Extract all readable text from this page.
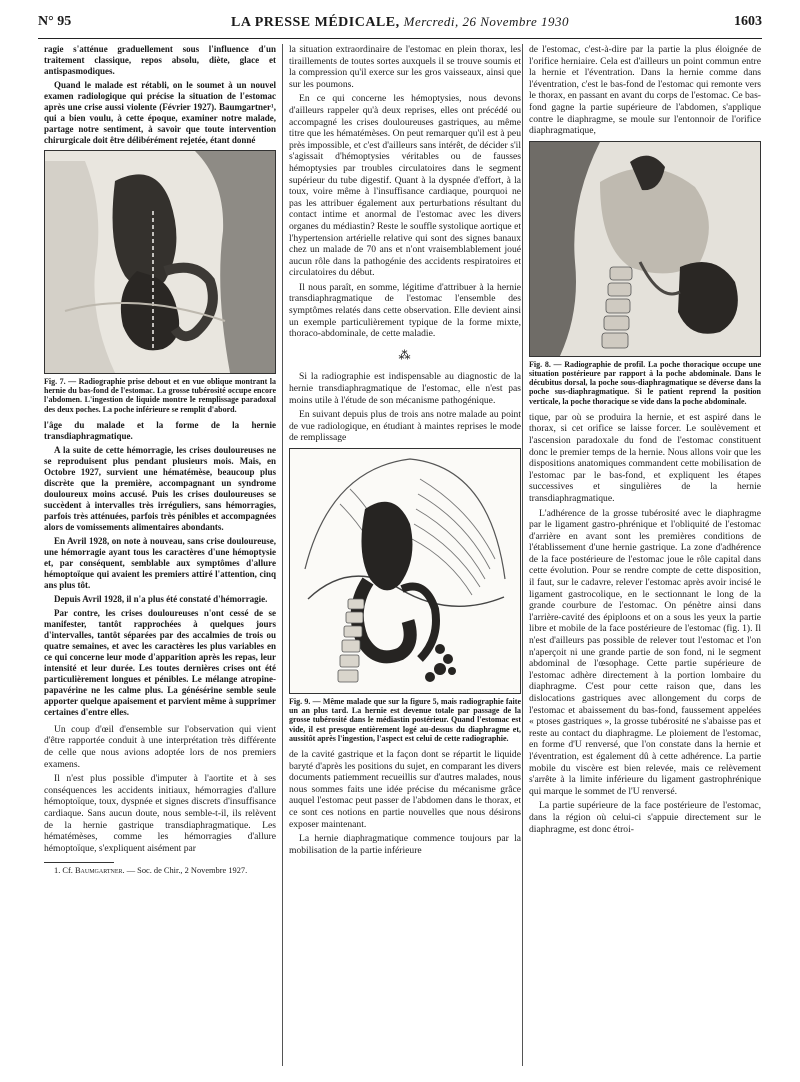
N° 95	LA PRESSE MÉDICALE, Mercredi, 26 Novembre 1930	1603

ragie s'atténue graduellement sous l'influence d'un traitement classique, repos absolu, diète, glace et antispasmodiques.

Quand le malade est rétabli, on le soumet à un nouvel examen radiologique qui précise la situation de l'estomac après une crise aussi violente (Février 1927). Baumgartner¹, qui a bien voulu, à cette époque, examiner notre malade, partage notre sentiment, à savoir que toute intervention chirurgicale doit être délibérément rejetée, étant donné

Fig. 7. — Radiographie prise debout et en vue oblique montrant la hernie du bas-fond de l'estomac. La grosse tubérosité occupe encore l'abdomen. L'ingestion de liquide montre le remplissage paradoxal des deux poches. La poche inférieure se remplit d'abord.

l'âge du malade et la forme de la hernie transdiaphragmatique.

A la suite de cette hémorragie, les crises douloureuses ne se reproduisent plus pendant plusieurs mois. Mais, en Octobre 1927, survient une hématémèse, beaucoup plus discrète que la première, accompagnant un syndrome douloureux moins accusé. Puis les crises douloureuses se succèdent à intervalles très irréguliers, sans hémorragies, parfois très atténuées, parfois très pénibles et accompagnées alors de vomissements alimentaires abondants.

En Avril 1928, on note à nouveau, sans crise douloureuse, une hémorragie ayant tous les caractères d'une hémoptysie et, par conséquent, semblable aux symptômes d'allure hémoptoïque qui avaient les premiers attiré l'attention, cinq ans plus tôt.

Depuis Avril 1928, il n'a plus été constaté d'hémorragie.

Par contre, les crises douloureuses n'ont cessé de se manifester, tantôt rapprochées à quelques jours d'intervalles, tantôt séparées par des accalmies de trois ou quatre semaines, et avec les caractères les plus variables en ce qui concerne leur mode d'apparition après les repas, leur intensité et leur durée. Les toutes dernières crises ont été particulièrement longues et pénibles. Le mélange atropine-papavérine ne les calme plus. La génésérine semble seule apporter quelque apaisement et parvient même à supprimer certaines d'entre elles.

Un coup d'œil d'ensemble sur l'observation qui vient d'être rapportée conduit à une interprétation très différente de celle que nous avions adoptée lors de nos premiers examens.

Il n'est plus possible d'imputer à l'aortite et à ses conséquences les accidents initiaux, hémorragies d'allure hémoptoïque, toux, dyspnée et signes discrets d'insuffisance cardiaque. Sans aucun doute, nous semble-t-il, ils relèvent de la hernie gastrique transdiaphragmatique. Les hématémèses, comme les hémorragies d'allure hémoptoïque, s'expliquent aisément par

1. Cf. Baumgartner. — Soc. de Chir., 2 Novembre 1927.

la situation extraordinaire de l'estomac en plein thorax, les tiraillements de toutes sortes auxquels il se trouve soumis et la compression qu'il exerce sur les gros vaisseaux, ainsi que sur les poumons.

En ce qui concerne les hémoptysies, nous devons d'ailleurs rappeler qu'à deux reprises, elles ont précédé ou accompagné les crises douloureuses gastriques, au même titre que les hématémèses. On peut remarquer qu'il est à peu près impossible, et c'est d'ailleurs sans intérêt, de décider s'il s'agissait d'hémoptysies véritables ou de fausses hémoptysies par troubles circulatoires dans le segment supérieur du tube digestif. Quant à la dyspnée d'effort, à la toux, voire même à l'insuffisance cardiaque, pourquoi ne pas les attribuer également aux perturbations résultant du contact intime et anormal de l'estomac avec les divers organes du médiastin? Reste le souffle systolique aortique et l'hypertension artérielle relative qui sont des signes banaux chez un malade de 70 ans et n'ont vraisemblablement joué aucun rôle dans la pathogénie des accidents respiratoires et circulatoires du début.

Il nous paraît, en somme, légitime d'attribuer à la hernie transdiaphragmatique de l'estomac l'ensemble des symptômes relatés dans cette observation. Elle devient ainsi un exemple particulièrement typique de la forme mixte, thoraco-abdominale, de cette maladie.

⁂

Si la radiographie est indispensable au diagnostic de la hernie transdiaphragmatique de l'estomac, elle n'est pas moins utile à l'étude de son mécanisme pathogénique.

En suivant depuis plus de trois ans notre malade au point de vue radiologique, en étudiant à maintes reprises le mode de remplissage

Fig. 9. — Même malade que sur la figure 5, mais radiographie faite un an plus tard. La hernie est devenue totale par passage de la grosse tubérosité dans le médiastin postérieur. Quand l'estomac est vide, il est presque entièrement logé au-dessus du diaphragme et, aussitôt après l'ingestion, l'aspect est celui de cette radiographie.

de la cavité gastrique et la façon dont se répartit le liquide baryté d'après les positions du sujet, en comparant les divers documents patiemment recueillis sur d'autres malades, nous nous sommes faits une idée précise du mécanisme grâce auquel l'estomac peut passer de l'abdomen dans le thorax, et ce sont ces notions en partie nouvelles que nous désirons exposer maintenant.

La hernie diaphragmatique commence toujours par la mobilisation de la partie inférieure

de l'estomac, c'est-à-dire par la partie la plus éloignée de l'orifice herniaire. Cela est d'ailleurs un point commun entre la hernie et l'éventration. Dans la hernie comme dans l'éventration, c'est le bas-fond de l'estomac qui remonte vers le thorax, en passant en avant du corps de l'estomac. Ce bas-fond gagne la partie supérieure de l'abdomen, s'applique contre le diaphragme, se moule sur l'entonnoir de l'orifice diaphragmatique,

Fig. 8. — Radiographie de profil. La poche thoracique occupe une situation postérieure par rapport à la poche abdominale. Dans le décubitus dorsal, la poche sous-diaphragmatique se déverse dans la poche sus-diaphragmatique. Si le patient reprend la position verticale, la poche thoracique se vide dans la poche abdominale.

tique, par où se produira la hernie, et est aspiré dans le thorax, si cet orifice se laisse forcer. Le soulèvement et l'ascension paradoxale du fond de l'estomac constituent donc le premier temps de la hernie. Nous allons voir que les dispositions anatomiques commandent cette mobilisation de l'estomac par le bas-fond, et expliquent les étapes successives et singulières de la hernie transdiaphragmatique.

L'adhérence de la grosse tubérosité avec le diaphragme par le ligament gastro-phrénique et l'obliquité de l'estomac d'arrière en avant sont les premières conditions de l'établissement d'une hernie gastrique. La zone d'adhérence de la face postérieure de l'estomac joue le rôle capital dans cette évolution. Pour se rendre compte de cette disposition, il faut, sur le cadavre, relever l'estomac après avoir incisé le ligament gastrocolique, en le sectionnant le long de la grande courbure de l'estomac. On pénètre ainsi dans l'arrière-cavité des épiploons et on a sous les yeux la partie libre et mobile de la face postérieure de l'estomac (fig. 1). Il n'est d'ailleurs pas possible de relever tout l'estomac et l'on n'aperçoit ni une grande partie de son fond, ni le segment abdominal de l'œsophage. Cette partie supérieure de l'estomac adhère directement à la portion lombaire du diaphragme. C'est pour cette raison que, dans les dislocations gastriques avec allongement du corps de l'estomac et abaissement du bas-fond, faussement appelées « ptoses gastriques », la grosse tubérosité ne s'abaisse pas et reste au contact du diaphragme. Le ploiement de l'estomac, en forme d'U renversé, que l'on constate dans la hernie et l'éventration, est également dû à cette adhérence. La partie mobile du viscère est bien relevée, mais ce relèvement s'arrête à la limite inférieure du ligament gastrophrénique qui marque le sommet de l'U renversé.

La partie supérieure de la face postérieure de l'estomac, dans la région où celui-ci s'appuie directement sur le diaphragme, est donc étroi-
